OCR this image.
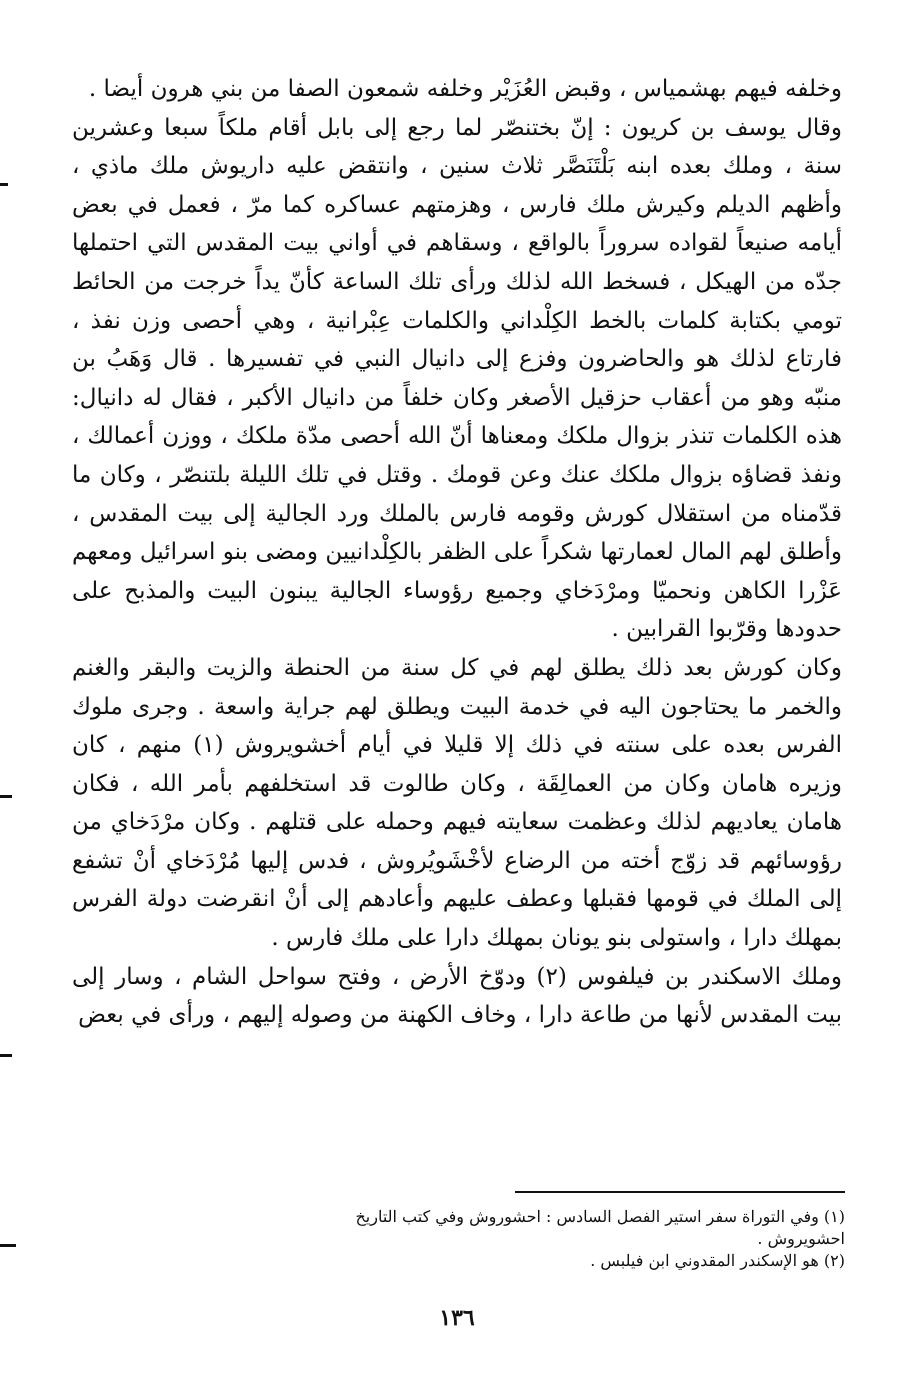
وخلفه فيهم بهشمياس ، وقبض العُزَيْر وخلفه شمعون الصفا من بني هرون أيضا .

وقال يوسف بن كريون : إنّ بختنصّر لما رجع إلى بابل أقام ملكاً سبعا وعشرين سنة ، وملك بعده ابنه بَلْتَنَصَّر ثلاث سنين ، وانتقض عليه داريوش ملك ماذي ، وأظهم الديلم وكيرش ملك فارس ، وهزمتهم عساكره كما مرّ ، فعمل في بعض أيامه صنيعاً لقواده سروراً بالواقع ، وسقاهم في أواني بيت المقدس التي احتملها جدّه من الهيكل ، فسخط الله لذلك ورأى تلك الساعة كأنّ يداً خرجت من الحائط تومي بكتابة كلمات بالخط الكِلْداني والكلمات عِبْرانية ، وهي أحصى وزن نفذ ، فارتاع لذلك هو والحاضرون وفزع إلى دانيال النبي في تفسيرها . قال وَهَبُ بن منبّه وهو من أعقاب حزقيل الأصغر وكان خلفاً من دانيال الأكبر ، فقال له دانيال: هذه الكلمات تنذر بزوال ملكك ومعناها أنّ الله أحصى مدّة ملكك ، ووزن أعمالك ، ونفذ قضاؤه بزوال ملكك عنك وعن قومك . وقتل في تلك الليلة بلتنصّر ، وكان ما قدّمناه من استقلال كورش وقومه فارس بالملك ورد الجالية إلى بيت المقدس ، وأطلق لهم المال لعمارتها شكراً على الظفر بالكِلْدانيين ومضى بنو اسرائيل ومعهم عَزْرا الكاهن ونحميّا ومرْدَخاي وجميع رؤوساء الجالية يبنون البيت والمذبح على حدودها وقرّبوا القرابين .

وكان كورش بعد ذلك يطلق لهم في كل سنة من الحنطة والزيت والبقر والغنم والخمر ما يحتاجون اليه في خدمة البيت ويطلق لهم جراية واسعة . وجرى ملوك الفرس بعده على سنته في ذلك إلا قليلا في أيام أخشويروش (١) منهم ، كان وزيره هامان وكان من العمالِقَة ، وكان طالوت قد استخلفهم بأمر الله ، فكان هامان يعاديهم لذلك وعظمت سعايته فيهم وحمله على قتلهم . وكان مرْدَخاي من رؤوسائهم قد زوّج أخته من الرضاع لأخْشَويُروش ، فدس إليها مُرْدَخاي أنْ تشفع إلى الملك في قومها فقبلها وعطف عليهم وأعادهم إلى أنْ انقرضت دولة الفرس بمهلك دارا ، واستولى بنو يونان بمهلك دارا على ملك فارس .

وملك الاسكندر بن فيلفوس (٢) ودوّخ الأرض ، وفتح سواحل الشام ، وسار إلى بيت المقدس لأنها من طاعة دارا ، وخاف الكهنة من وصوله إليهم ، ورأى في بعض

(١) وفي التوراة سفر استير الفصل السادس : احشوروش وفي كتب التاريخ احشويروش .
(٢) هو الإسكندر المقدوني ابن فيلبس .
١٣٦
